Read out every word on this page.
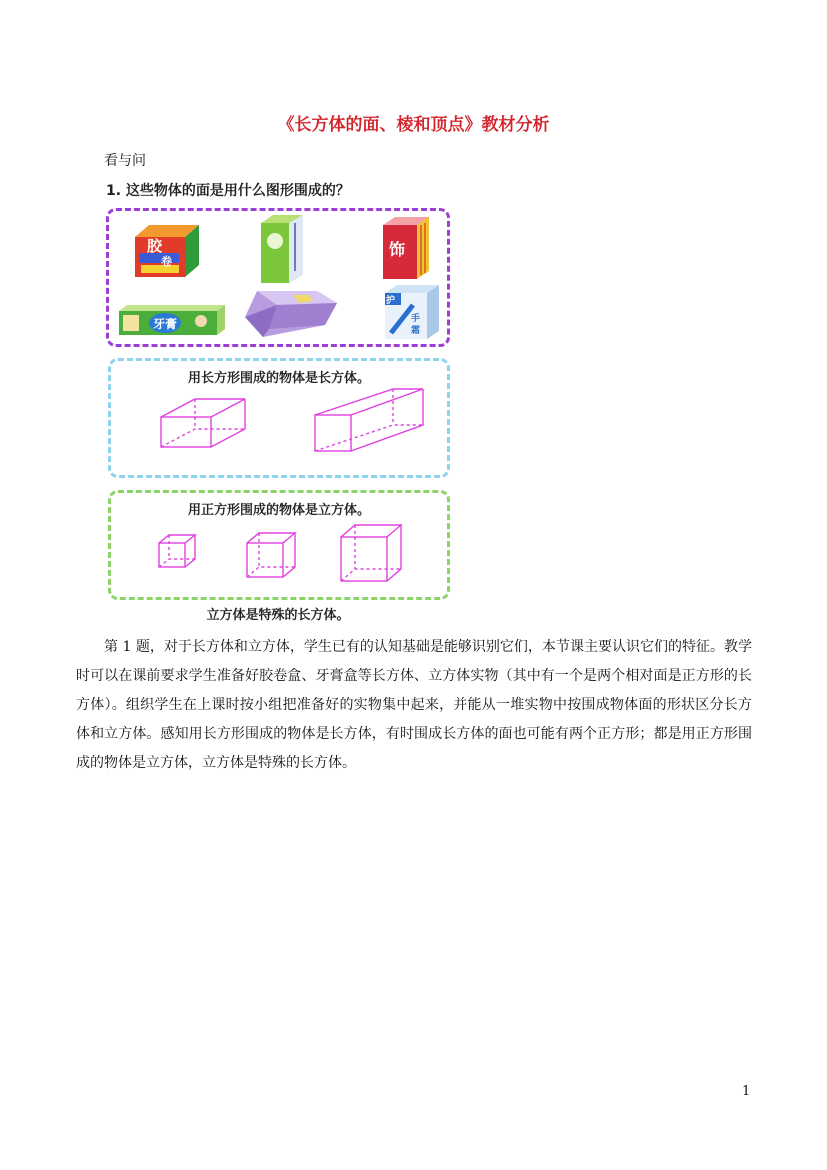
《长方体的面、棱和顶点》教材分析
看与问
1. 这些物体的面是用什么图形围成的？
胶
卷
饰
牙膏
护
手
霜
用长方形围成的物体是长方体。
用正方形围成的物体是立方体。
立方体是特殊的长方体。

第 1 题，对于长方体和立方体，学生已有的认知基础是能够识别它们，本节课主要认识它们的特征。教学时可以在课前要求学生准备好胶卷盒、牙膏盒等长方体、立方体实物（其中有一个是两个相对面是正方形的长方体）。组织学生在上课时按小组把准备好的实物集中起来，并能从一堆实物中按围成物体面的形状区分长方体和立方体。感知用长方形围成的物体是长方体，有时围成长方体的面也可能有两个正方形；都是用正方形围成的物体是立方体，立方体是特殊的长方体。

1
